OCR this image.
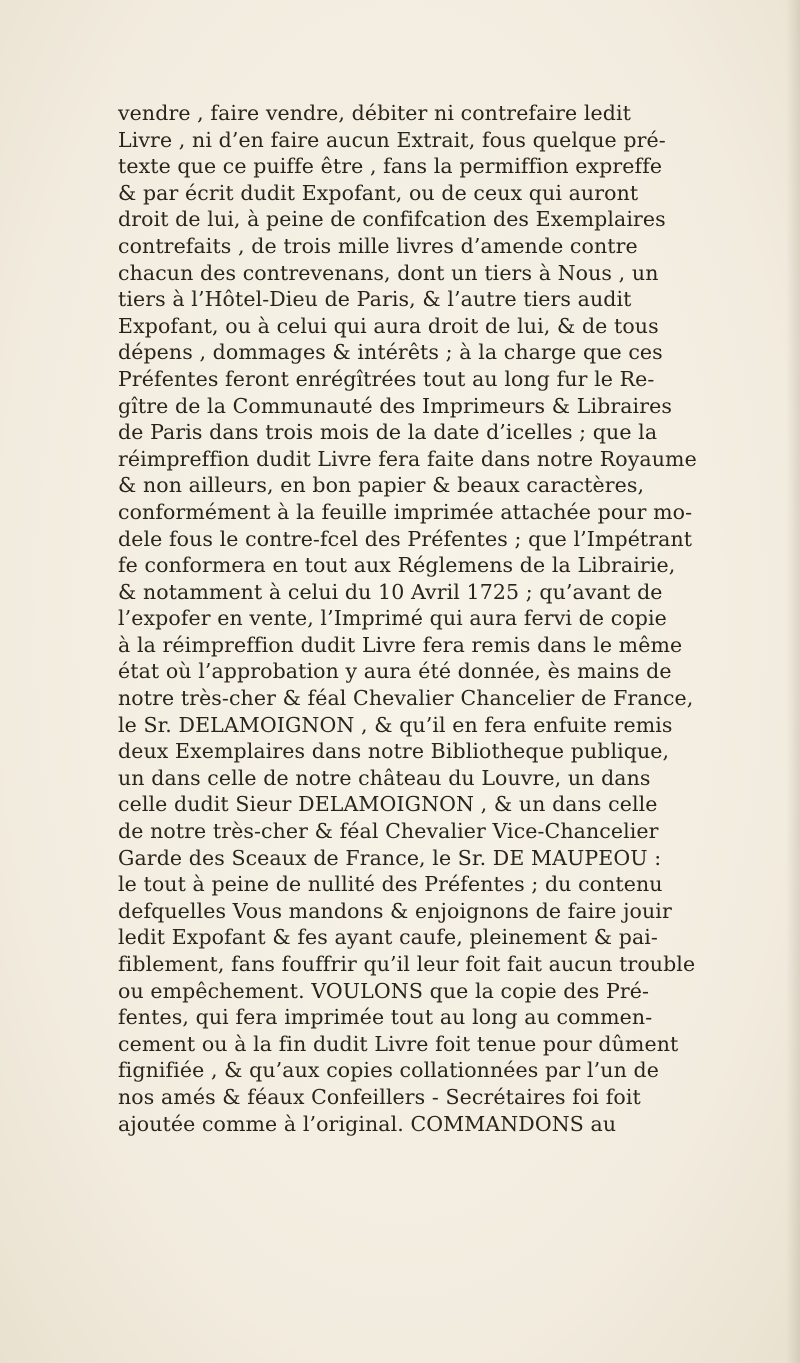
vendre , faire vendre, débiter ni contrefaire ledit
Livre , ni d’en faire aucun Extrait, fous quelque pré-
texte que ce puiffe être , fans la permiffion expreffe
& par écrit dudit Expofant, ou de ceux qui auront
droit de lui, à peine de confifcation des Exemplaires
contrefaits , de trois mille livres d’amende contre
chacun des contrevenans, dont un tiers à Nous , un
tiers à l’Hôtel-Dieu de Paris, & l’autre tiers audit
Expofant, ou à celui qui aura droit de lui, & de tous
dépens , dommages & intérêts ; à la charge que ces
Préfentes feront enrégîtrées tout au long fur le Re-
gître de la Communauté des Imprimeurs & Libraires
de Paris dans trois mois de la date d’icelles ; que la
réimpreffion dudit Livre fera faite dans notre Royaume
& non ailleurs, en bon papier & beaux caractères,
conformément à la feuille imprimée attachée pour mo-
dele fous le contre-fcel des Préfentes ; que l’Impétrant
fe conformera en tout aux Réglemens de la Librairie,
& notamment à celui du 10 Avril 1725 ; qu’avant de
l’expofer en vente, l’Imprimé qui aura fervi de copie
à la réimpreffion dudit Livre fera remis dans le même
état où l’approbation y aura été donnée, ès mains de
notre très-cher & féal Chevalier Chancelier de France,
le Sr. DELAMOIGNON , & qu’il en fera enfuite remis
deux Exemplaires dans notre Bibliotheque publique,
un dans celle de notre château du Louvre, un dans
celle dudit Sieur DELAMOIGNON , & un dans celle
de notre très-cher & féal Chevalier Vice-Chancelier
Garde des Sceaux de France, le Sr. DE MAUPEOU :
le tout à peine de nullité des Préfentes ; du contenu
defquelles Vous mandons & enjoignons de faire jouir
ledit Expofant & fes ayant caufe, pleinement & pai-
fiblement, fans fouffrir qu’il leur foit fait aucun trouble
ou empêchement. VOULONS que la copie des Pré-
fentes, qui fera imprimée tout au long au commen-
cement ou à la fin dudit Livre foit tenue pour dûment
fignifiée , & qu’aux copies collationnées par l’un de
nos amés & féaux Confeillers - Secrétaires foi foit
ajoutée comme à l’original. COMMANDONS au
